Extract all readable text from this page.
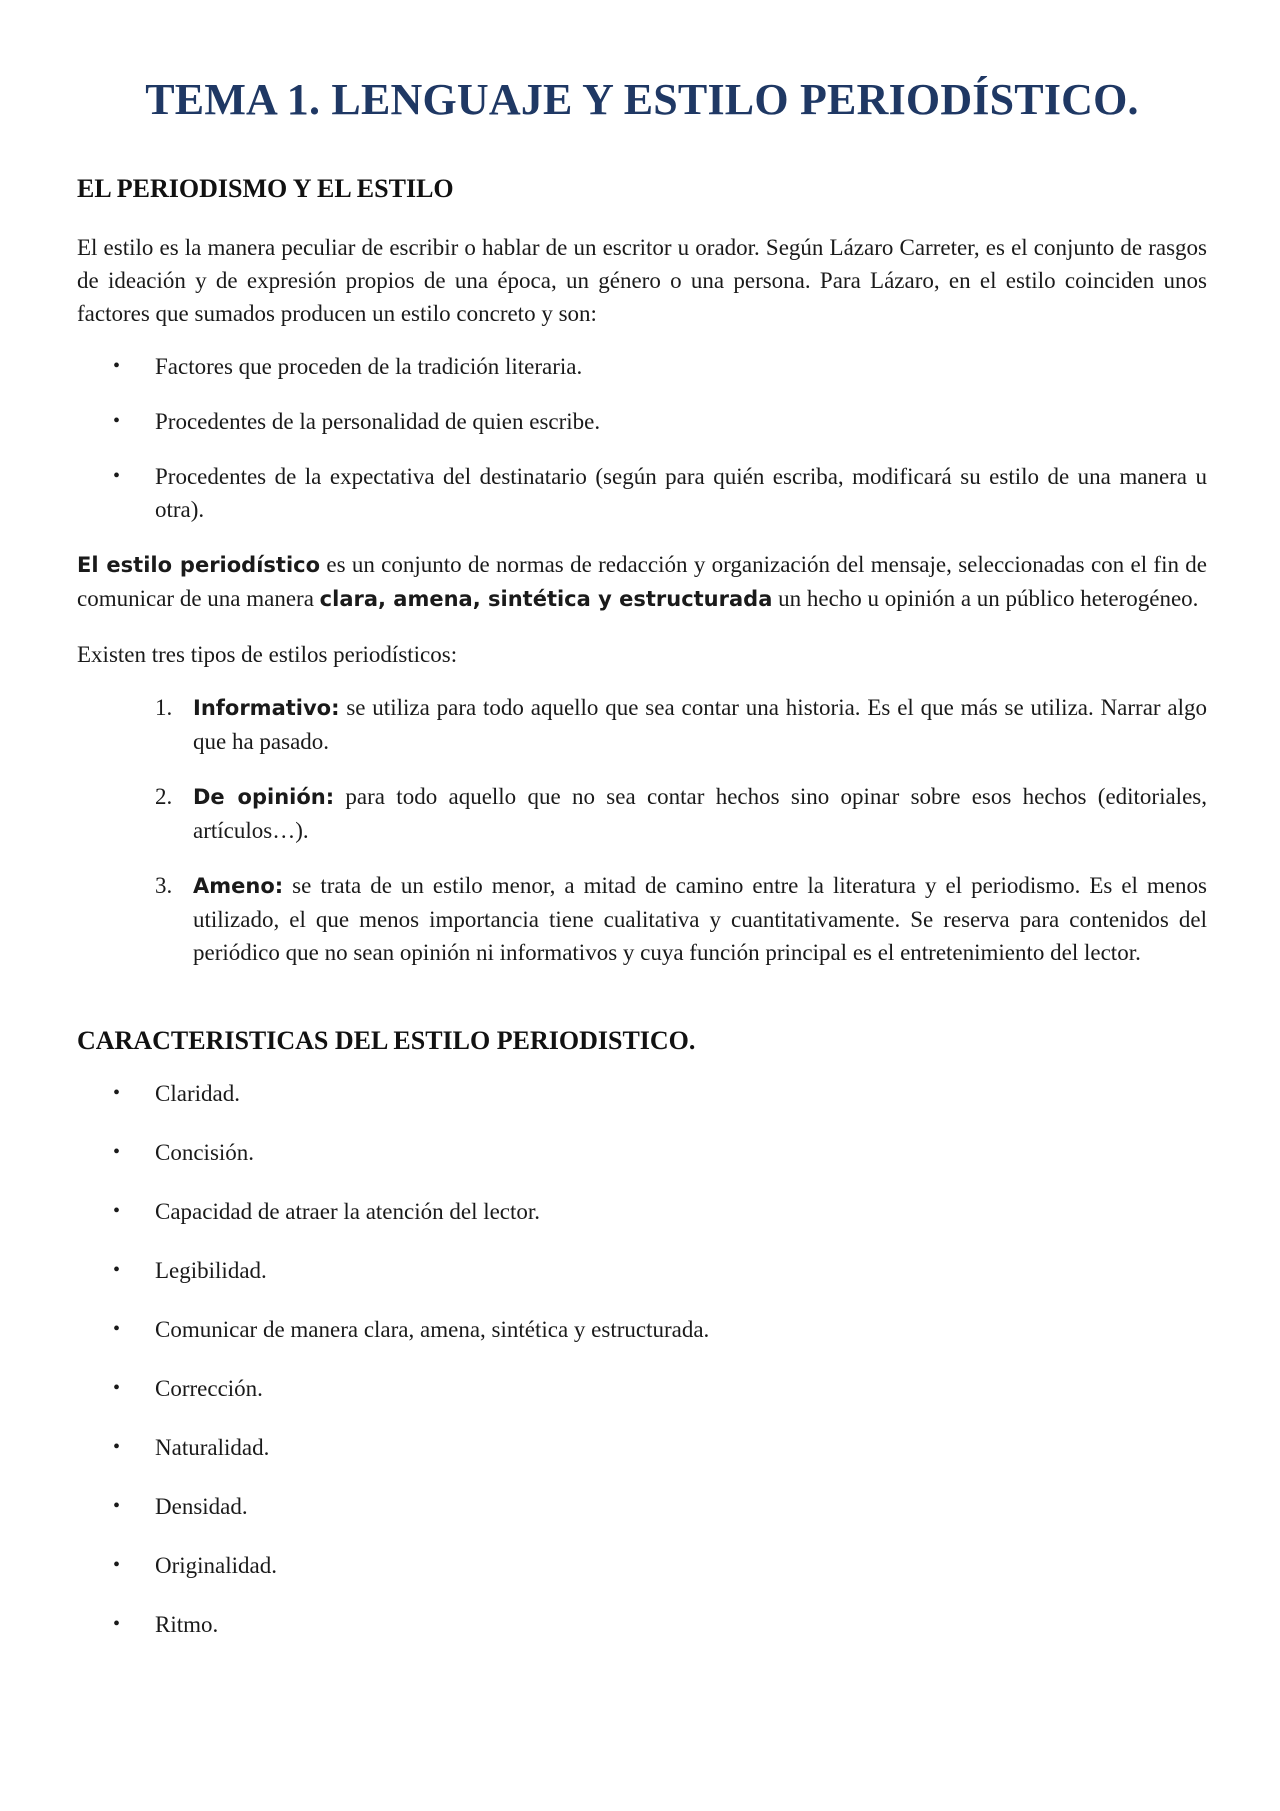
TEMA 1. LENGUAJE Y ESTILO PERIODÍSTICO.
EL PERIODISMO Y EL ESTILO

El estilo es la manera peculiar de escribir o hablar de un escritor u orador. Según Lázaro Carreter, es el conjunto de rasgos de ideación y de expresión propios de una época, un género o una persona. Para Lázaro, en el estilo coinciden unos factores que sumados producen un estilo concreto y son:

• Factores que proceden de la tradición literaria.
• Procedentes de la personalidad de quien escribe.
• Procedentes de la expectativa del destinatario (según para quién escriba, modificará su estilo de una manera u otra).

El estilo periodístico es un conjunto de normas de redacción y organización del mensaje, seleccionadas con el fin de comunicar de una manera clara, amena, sintética y estructurada un hecho u opinión a un público heterogéneo.

Existen tres tipos de estilos periodísticos:

1. Informativo: se utiliza para todo aquello que sea contar una historia. Es el que más se utiliza. Narrar algo que ha pasado.
2. De opinión: para todo aquello que no sea contar hechos sino opinar sobre esos hechos (editoriales, artículos…).
3. Ameno: se trata de un estilo menor, a mitad de camino entre la literatura y el periodismo. Es el menos utilizado, el que menos importancia tiene cualitativa y cuantitativamente. Se reserva para contenidos del periódico que no sean opinión ni informativos y cuya función principal es el entretenimiento del lector.
CARACTERISTICAS DEL ESTILO PERIODISTICO.
• Claridad.
• Concisión.
• Capacidad de atraer la atención del lector.
• Legibilidad.
• Comunicar de manera clara, amena, sintética y estructurada.
• Corrección.
• Naturalidad.
• Densidad.
• Originalidad.
• Ritmo.
